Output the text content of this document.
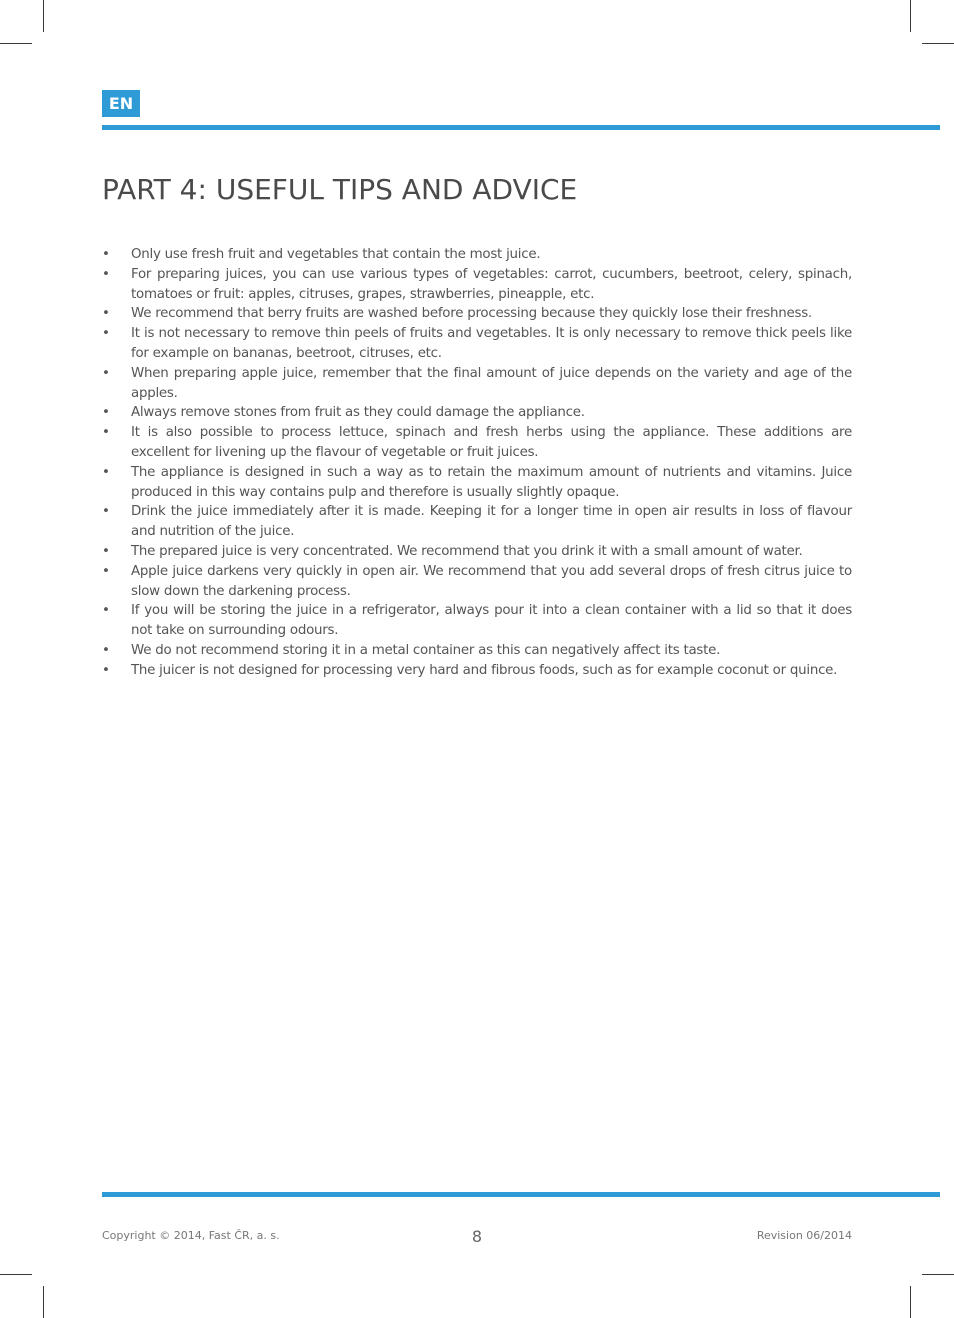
EN
PART 4: USEFUL TIPS AND ADVICE
•	Only use fresh fruit and vegetables that contain the most juice.
•	For preparing juices, you can use various types of vegetables: carrot, cucumbers, beetroot, celery, spinach, tomatoes or fruit: apples, citruses, grapes, strawberries, pineapple, etc.
•	We recommend that berry fruits are washed before processing because they quickly lose their freshness.
•	It is not necessary to remove thin peels of fruits and vegetables. It is only necessary to remove thick peels like for example on bananas, beetroot, citruses, etc.
•	When preparing apple juice, remember that the final amount of juice depends on the variety and age of the apples.
•	Always remove stones from fruit as they could damage the appliance.
•	It is also possible to process lettuce, spinach and fresh herbs using the appliance. These additions are excellent for livening up the flavour of vegetable or fruit juices.
•	The appliance is designed in such a way as to retain the maximum amount of nutrients and vitamins. Juice produced in this way contains pulp and therefore is usually slightly opaque.
•	Drink the juice immediately after it is made. Keeping it for a longer time in open air results in loss of flavour and nutrition of the juice.
•	The prepared juice is very concentrated. We recommend that you drink it with a small amount of water.
•	Apple juice darkens very quickly in open air. We recommend that you add several drops of fresh citrus juice to slow down the darkening process.
•	If you will be storing the juice in a refrigerator, always pour it into a clean container with a lid so that it does not take on surrounding odours.
•	We do not recommend storing it in a metal container as this can negatively affect its taste.
•	The juicer is not designed for processing very hard and fibrous foods, such as for example coconut or quince.
Copyright © 2014, Fast ČR, a. s.	8	Revision 06/2014
